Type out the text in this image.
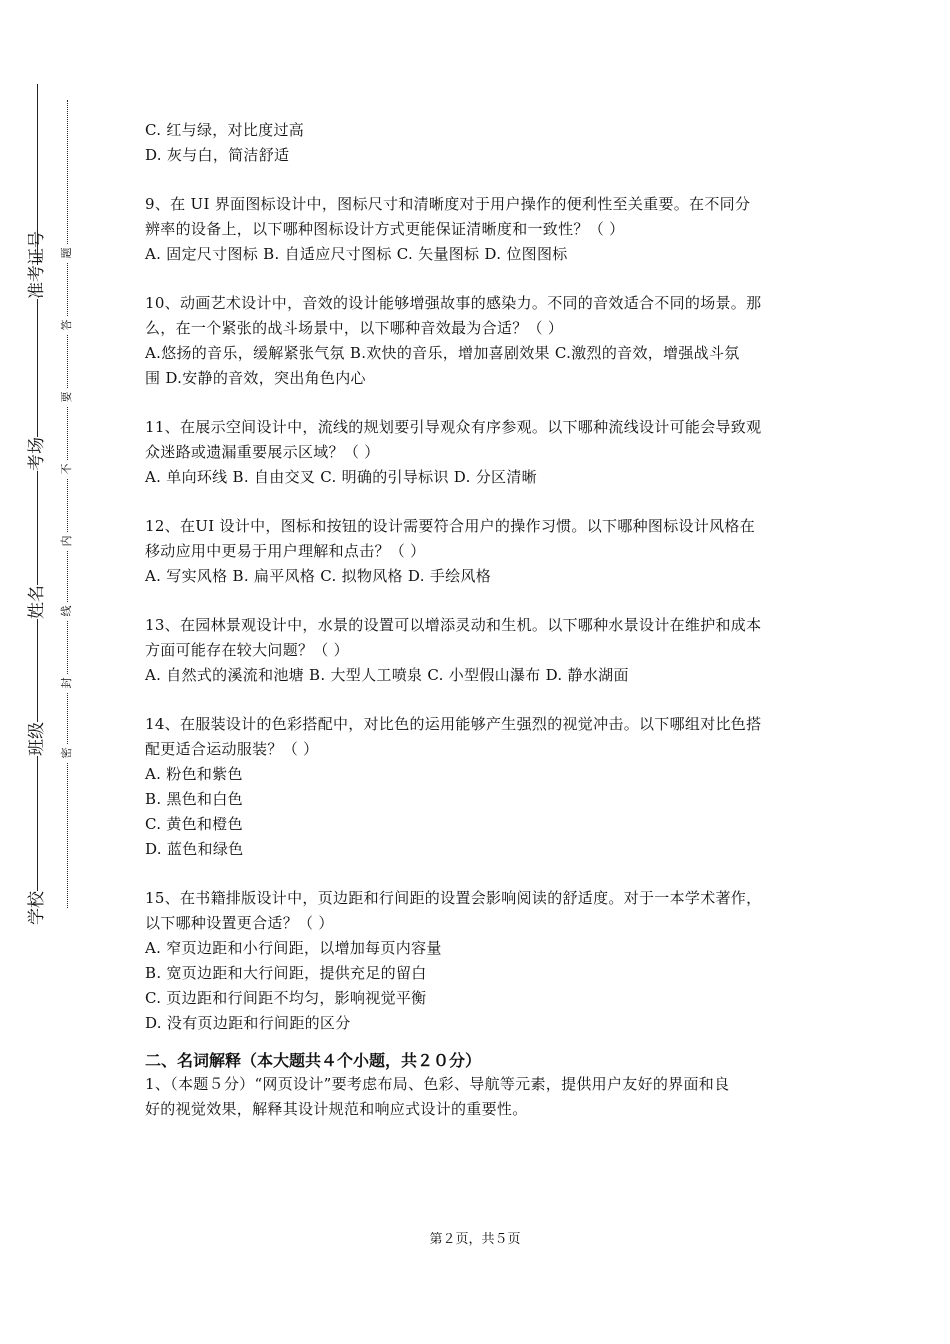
准考证号
考场
姓名
班级
学校
题
答
要
不
内
线
封
密
C. 红与绿，对比度过高
D. 灰与白，简洁舒适
9、在 UI 界面图标设计中，图标尺寸和清晰度对于用户操作的便利性至关重要。在不同分
辨率的设备上，以下哪种图标设计方式更能保证清晰度和一致性？（ ）
A. 固定尺寸图标 B. 自适应尺寸图标 C. 矢量图标 D. 位图图标
10、动画艺术设计中，音效的设计能够增强故事的感染力。不同的音效适合不同的场景。那
么，在一个紧张的战斗场景中，以下哪种音效最为合适？（ ）
A.悠扬的音乐，缓解紧张气氛 B.欢快的音乐，增加喜剧效果 C.激烈的音效，增强战斗氛
围 D.安静的音效，突出角色内心
11、在展示空间设计中，流线的规划要引导观众有序参观。以下哪种流线设计可能会导致观
众迷路或遗漏重要展示区域？（ ）
A. 单向环线 B. 自由交叉 C. 明确的引导标识 D. 分区清晰
12、在UI 设计中，图标和按钮的设计需要符合用户的操作习惯。以下哪种图标设计风格在
移动应用中更易于用户理解和点击？（ ）
A. 写实风格 B. 扁平风格 C. 拟物风格 D. 手绘风格
13、在园林景观设计中，水景的设置可以增添灵动和生机。以下哪种水景设计在维护和成本
方面可能存在较大问题？（ ）
A. 自然式的溪流和池塘 B. 大型人工喷泉 C. 小型假山瀑布 D. 静水湖面
14、在服装设计的色彩搭配中，对比色的运用能够产生强烈的视觉冲击。以下哪组对比色搭
配更适合运动服装？（ ）
A. 粉色和紫色
B. 黑色和白色
C. 黄色和橙色
D. 蓝色和绿色
15、在书籍排版设计中，页边距和行间距的设置会影响阅读的舒适度。对于一本学术著作，
以下哪种设置更合适？（ ）
A. 窄页边距和小行间距，以增加每页内容量
B. 宽页边距和大行间距，提供充足的留白
C. 页边距和行间距不均匀，影响视觉平衡
D. 没有页边距和行间距的区分
二、名词解释（本大题共４个小题，共２０分）
1、（本题５分）“网页设计”要考虑布局、色彩、导航等元素，提供用户友好的界面和良
好的视觉效果，解释其设计规范和响应式设计的重要性。
第２页，共５页
